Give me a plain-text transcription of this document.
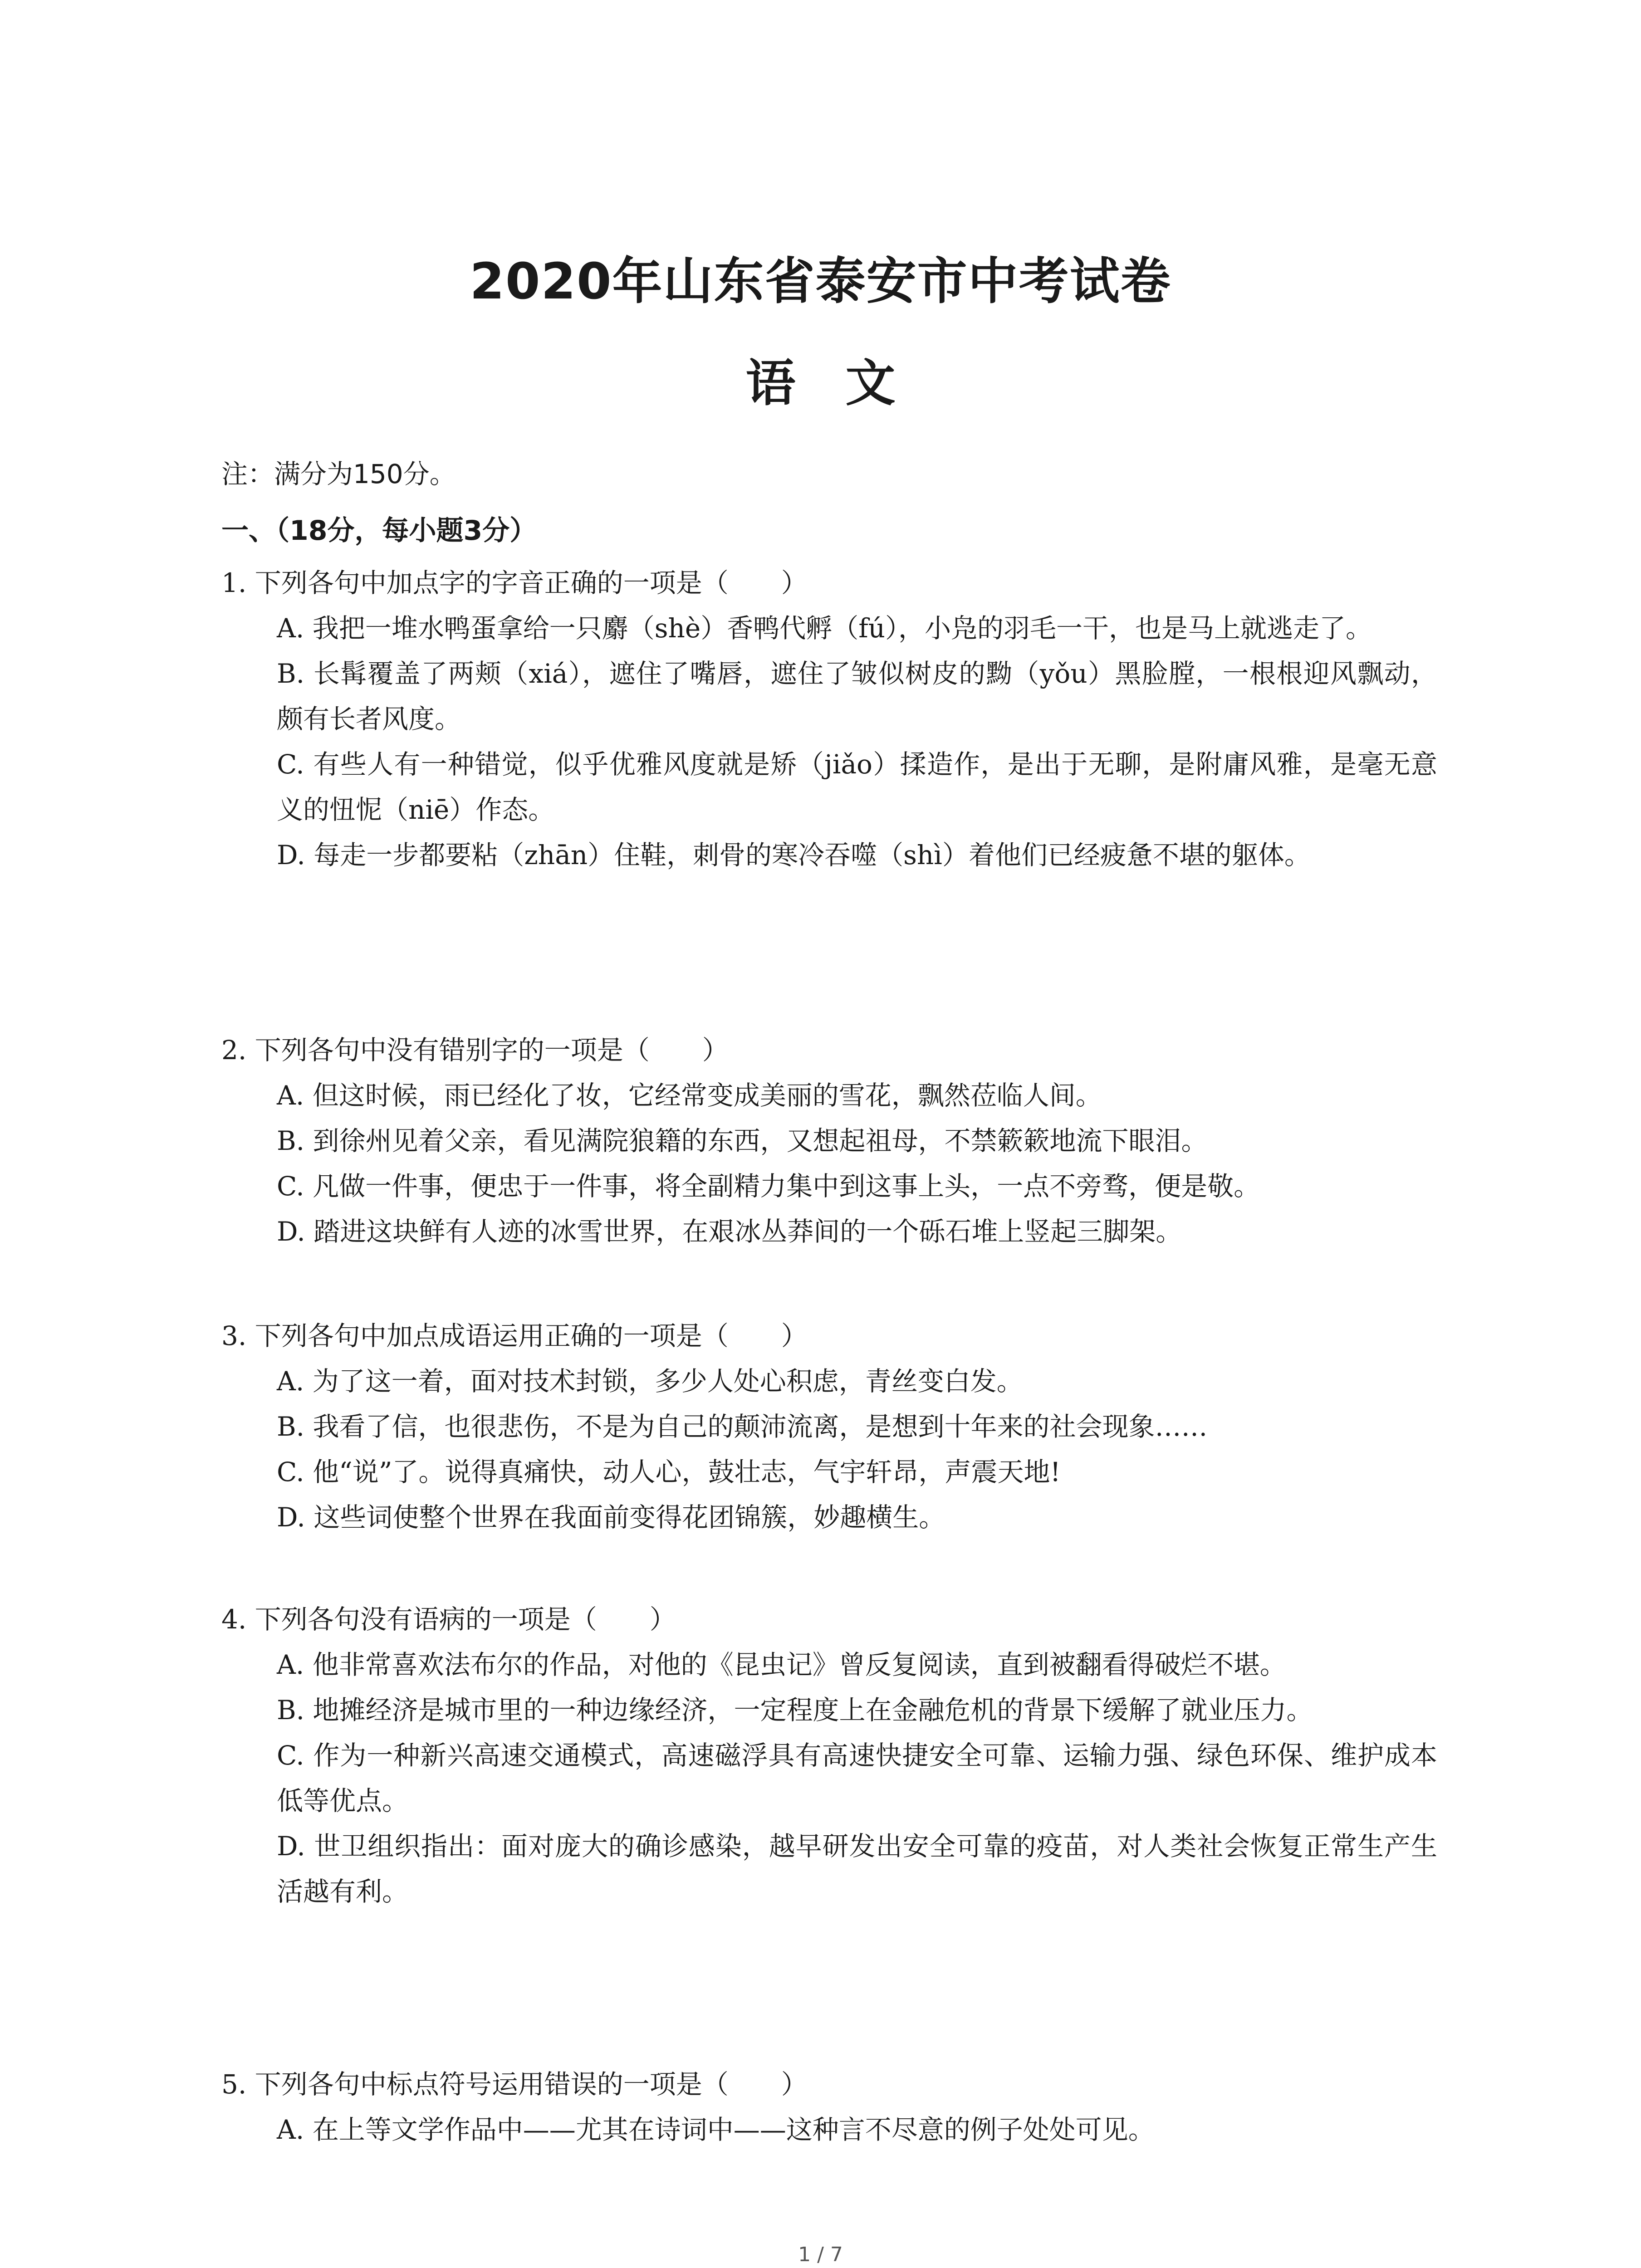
2020年山东省泰安市中考试卷
语文
注：满分为150分。
一、（18分，每小题3分）
1. 下列各句中加点字的字音正确的一项是（　　）
A. 我把一堆水鸭蛋拿给一只麝（shè）香鸭代孵（fú），小凫的羽毛一干，也是马上就逃走了。
B. 长髯覆盖了两颊（xiá），遮住了嘴唇，遮住了皱似树皮的黝（yǒu）黑脸膛，一根根迎风飘动，颇有长者风度。
C. 有些人有一种错觉，似乎优雅风度就是矫（jiǎo）揉造作，是出于无聊，是附庸风雅，是毫无意义的忸怩（niē）作态。
D. 每走一步都要粘（zhān）住鞋，刺骨的寒冷吞噬（shì）着他们已经疲惫不堪的躯体。
2. 下列各句中没有错别字的一项是（　　）
A. 但这时候，雨已经化了妆，它经常变成美丽的雪花，飘然莅临人间。
B. 到徐州见着父亲，看见满院狼籍的东西，又想起祖母，不禁簌簌地流下眼泪。
C. 凡做一件事，便忠于一件事，将全副精力集中到这事上头，一点不旁骛，便是敬。
D. 踏进这块鲜有人迹的冰雪世界，在艰冰丛莽间的一个砾石堆上竖起三脚架。
3. 下列各句中加点成语运用正确的一项是（　　）
A. 为了这一着，面对技术封锁，多少人处心积虑，青丝变白发。
B. 我看了信，也很悲伤，不是为自己的颠沛流离，是想到十年来的社会现象……
C. 他“说”了。说得真痛快，动人心，鼓壮志，气宇轩昂，声震天地!
D. 这些词使整个世界在我面前变得花团锦簇，妙趣横生。
4. 下列各句没有语病的一项是（　　）
A. 他非常喜欢法布尔的作品，对他的《昆虫记》曾反复阅读，直到被翻看得破烂不堪。
B. 地摊经济是城市里的一种边缘经济，一定程度上在金融危机的背景下缓解了就业压力。
C. 作为一种新兴高速交通模式，高速磁浮具有高速快捷安全可靠、运输力强、绿色环保、维护成本低等优点。
D. 世卫组织指出：面对庞大的确诊感染，越早研发出安全可靠的疫苗，对人类社会恢复正常生产生活越有利。
5. 下列各句中标点符号运用错误的一项是（　　）
A. 在上等文学作品中——尤其在诗词中——这种言不尽意的例子处处可见。
1 / 7
